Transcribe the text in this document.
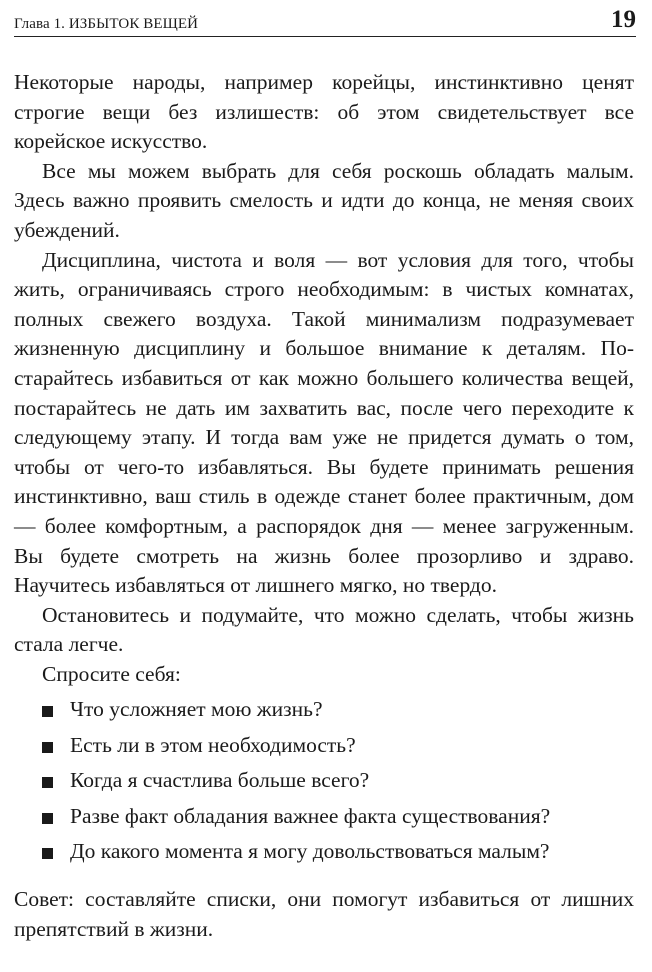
Глава 1. ИЗБЫТОК ВЕЩЕЙ	19

Некоторые народы, например корейцы, инстинктивно ценят строгие вещи без излишеств: об этом свидетельствует все корейское искусство.

Все мы можем выбрать для себя роскошь обладать малым. Здесь важно проявить смелость и идти до конца, не меняя своих убеждений.

Дисциплина, чистота и воля — вот условия для того, чтобы жить, ограничиваясь строго необходимым: в чистых комнатах, полных свежего воздуха. Такой минимализм подразумевает жизненную дисциплину и большое внимание к деталям. Постарайтесь избавиться от как можно большего количества вещей, постарайтесь не дать им захватить вас, после чего переходите к следующему этапу. И тогда вам уже не придется думать о том, чтобы от чего-то избавляться. Вы будете принимать решения инстинктивно, ваш стиль в одежде станет более практичным, дом — более комфортным, а распорядок дня — менее загруженным. Вы будете смотреть на жизнь более прозорливо и здраво. Научитесь избавляться от лишнего мягко, но твердо.

Остановитесь и подумайте, что можно сделать, чтобы жизнь стала легче.

Спросите себя:

Что усложняет мою жизнь?
Есть ли в этом необходимость?
Когда я счастлива больше всего?
Разве факт обладания важнее факта существования?
До какого момента я могу довольствоваться малым?

Совет: составляйте списки, они помогут избавиться от лишних препятствий в жизни.
